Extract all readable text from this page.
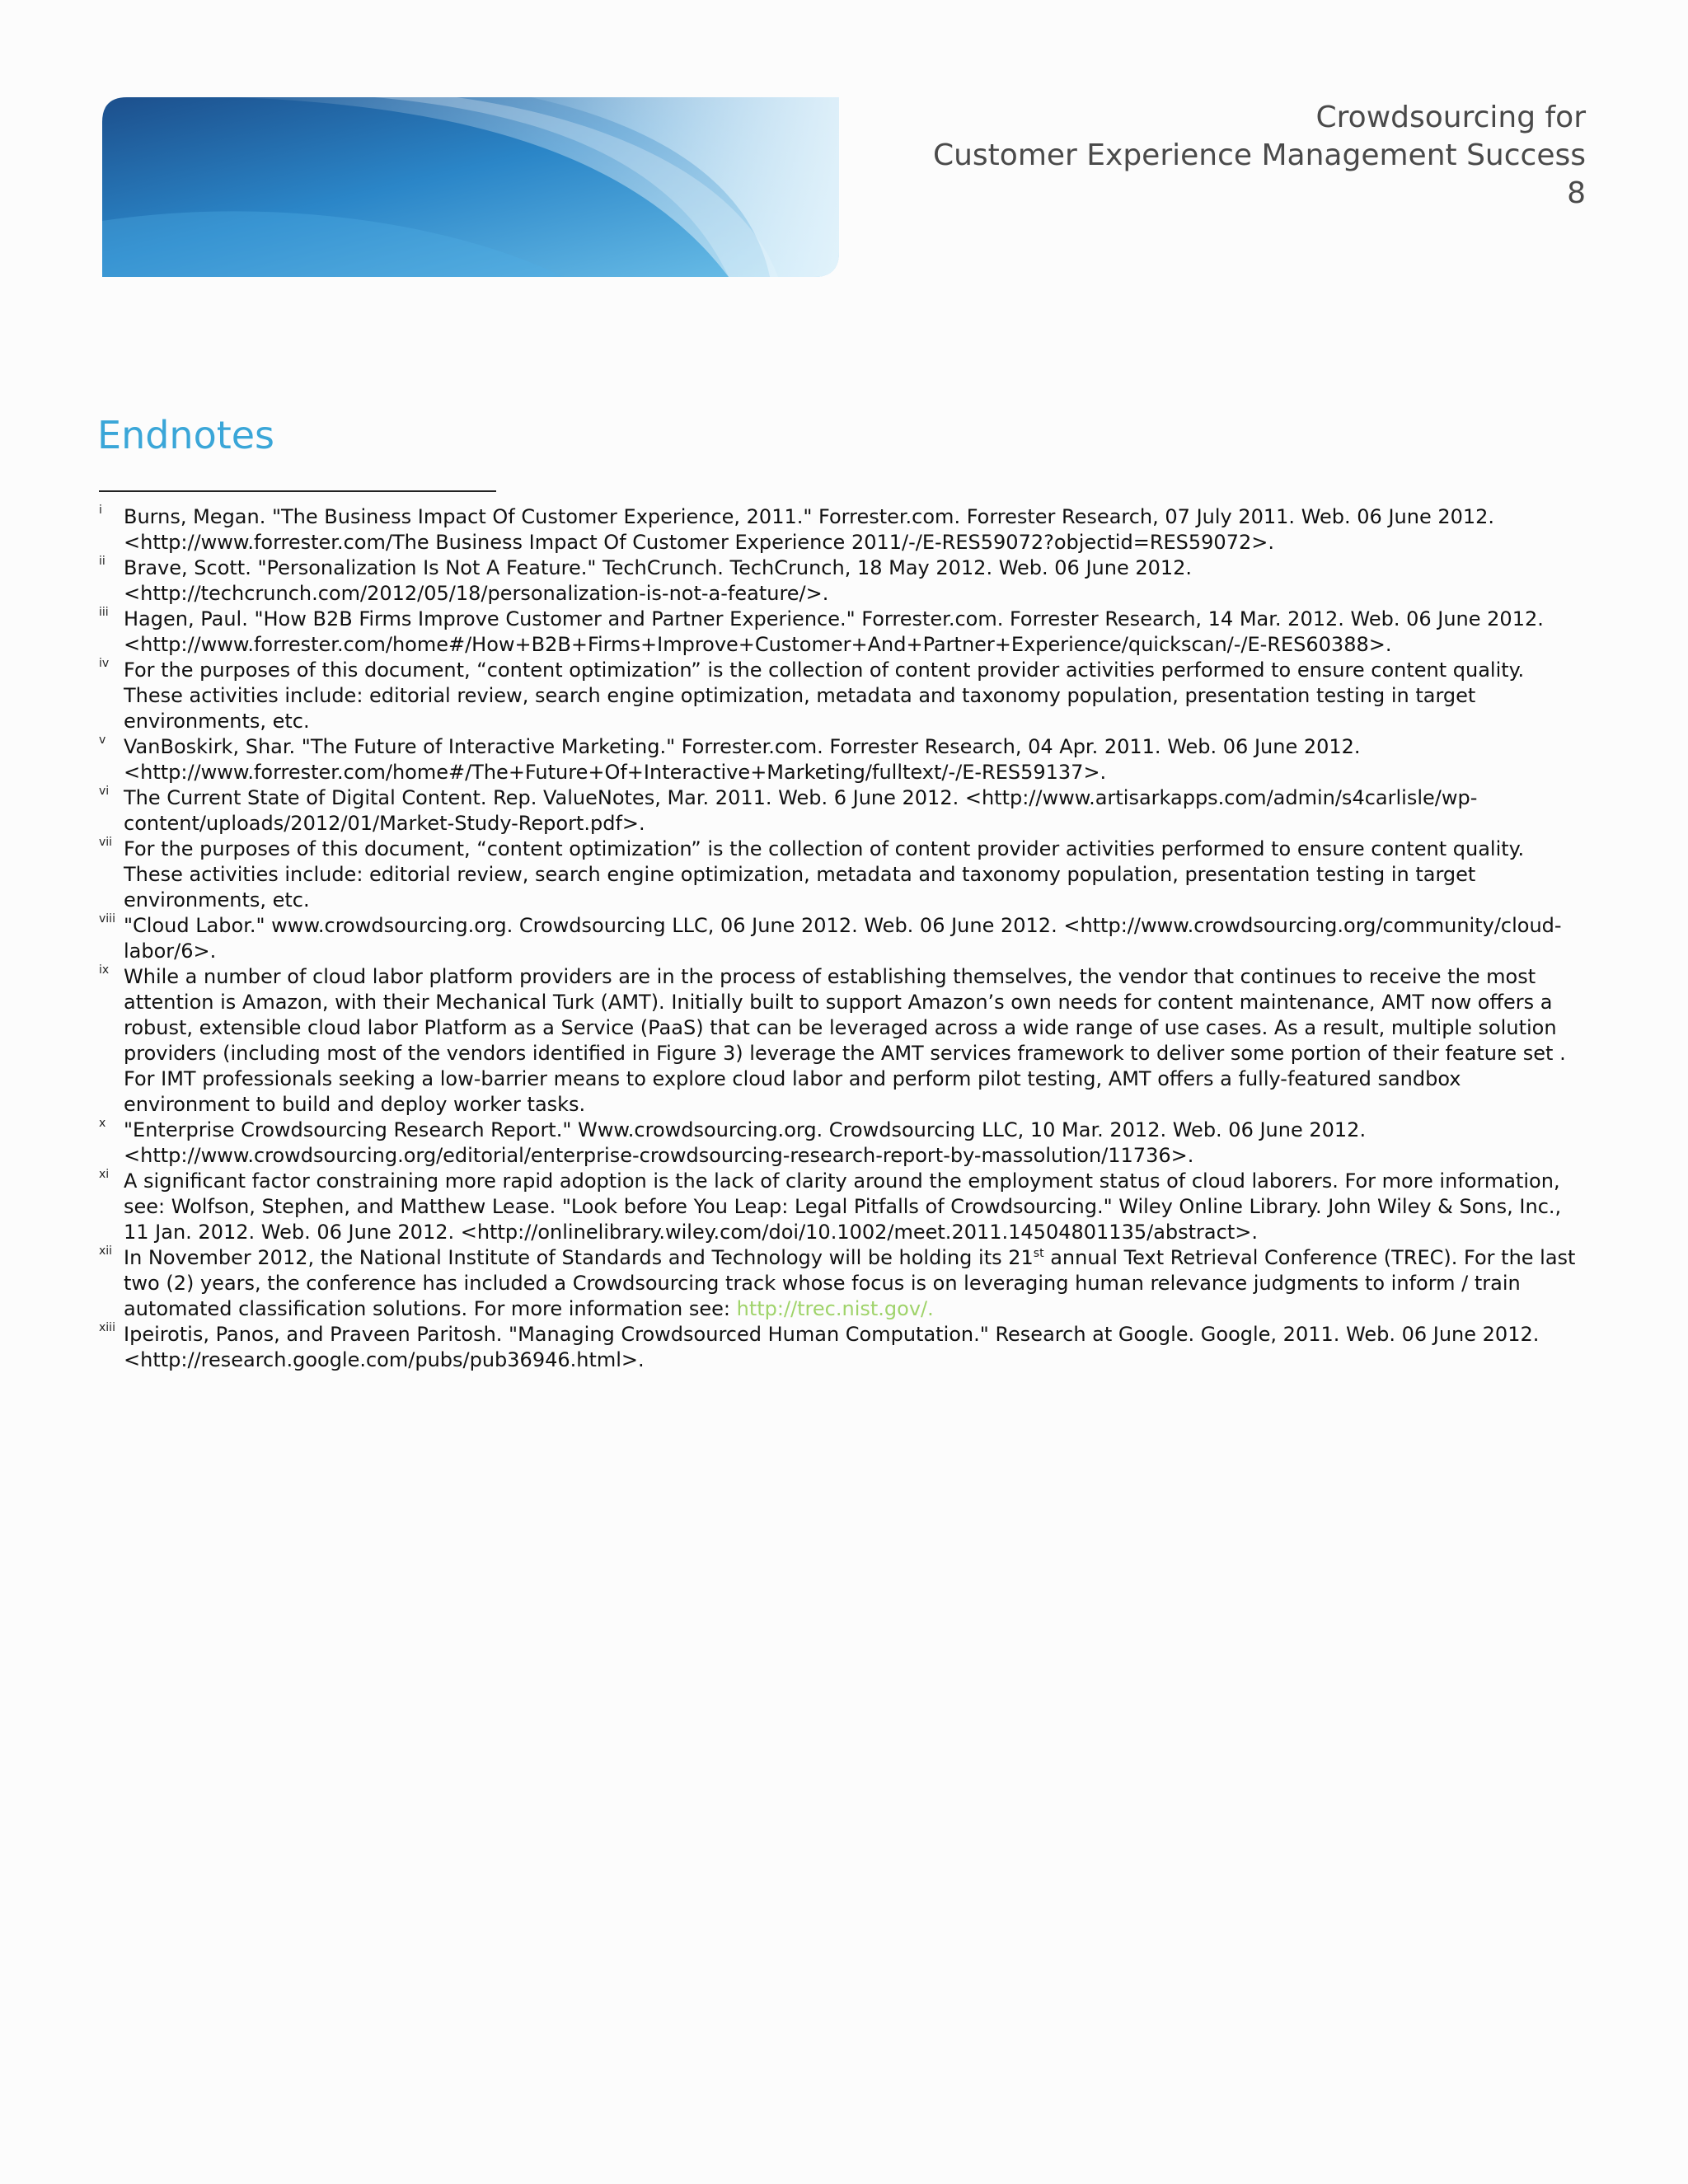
Crowdsourcing for
Customer Experience Management Success
8
Endnotes
i Burns, Megan. "The Business Impact Of Customer Experience, 2011." Forrester.com. Forrester Research, 07 July 2011. Web. 06 June 2012. <http://www.forrester.com/The Business Impact Of Customer Experience 2011/-/E-RES59072?objectid=RES59072>.
ii Brave, Scott. "Personalization Is Not A Feature." TechCrunch. TechCrunch, 18 May 2012. Web. 06 June 2012. <http://techcrunch.com/2012/05/18/personalization-is-not-a-feature/>.
iii Hagen, Paul. "How B2B Firms Improve Customer and Partner Experience." Forrester.com. Forrester Research, 14 Mar. 2012. Web. 06 June 2012. <http://www.forrester.com/home#/How+B2B+Firms+Improve+Customer+And+Partner+Experience/quickscan/-/E-RES60388>.
iv For the purposes of this document, “content optimization” is the collection of content provider activities performed to ensure content quality. These activities include: editorial review, search engine optimization, metadata and taxonomy population, presentation testing in target environments, etc.
v VanBoskirk, Shar. "The Future of Interactive Marketing." Forrester.com. Forrester Research, 04 Apr. 2011. Web. 06 June 2012. <http://www.forrester.com/home#/The+Future+Of+Interactive+Marketing/fulltext/-/E-RES59137>.
vi The Current State of Digital Content. Rep. ValueNotes, Mar. 2011. Web. 6 June 2012. <http://www.artisarkapps.com/admin/s4carlisle/wp-content/uploads/2012/01/Market-Study-Report.pdf>.
vii For the purposes of this document, “content optimization” is the collection of content provider activities performed to ensure content quality. These activities include: editorial review, search engine optimization, metadata and taxonomy population, presentation testing in target environments, etc.
viii "Cloud Labor." www.crowdsourcing.org. Crowdsourcing LLC, 06 June 2012. Web. 06 June 2012. <http://www.crowdsourcing.org/community/cloud-labor/6>.
ix While a number of cloud labor platform providers are in the process of establishing themselves, the vendor that continues to receive the most attention is Amazon, with their Mechanical Turk (AMT). Initially built to support Amazon’s own needs for content maintenance, AMT now offers a robust, extensible cloud labor Platform as a Service (PaaS) that can be leveraged across a wide range of use cases. As a result, multiple solution providers (including most of the vendors identified in Figure 3) leverage the AMT services framework to deliver some portion of their feature set . For IMT professionals seeking a low-barrier means to explore cloud labor and perform pilot testing, AMT offers a fully-featured sandbox environment to build and deploy worker tasks.
x "Enterprise Crowdsourcing Research Report." Www.crowdsourcing.org. Crowdsourcing LLC, 10 Mar. 2012. Web. 06 June 2012. <http://www.crowdsourcing.org/editorial/enterprise-crowdsourcing-research-report-by-massolution/11736>.
xi A significant factor constraining more rapid adoption is the lack of clarity around the employment status of cloud laborers. For more information, see: Wolfson, Stephen, and Matthew Lease. "Look before You Leap: Legal Pitfalls of Crowdsourcing." Wiley Online Library. John Wiley & Sons, Inc., 11 Jan. 2012. Web. 06 June 2012. <http://onlinelibrary.wiley.com/doi/10.1002/meet.2011.14504801135/abstract>.
xii In November 2012, the National Institute of Standards and Technology will be holding its 21st annual Text Retrieval Conference (TREC). For the last two (2) years, the conference has included a Crowdsourcing track whose focus is on leveraging human relevance judgments to inform / train automated classification solutions. For more information see: http://trec.nist.gov/.
xiii Ipeirotis, Panos, and Praveen Paritosh. "Managing Crowdsourced Human Computation." Research at Google. Google, 2011. Web. 06 June 2012. <http://research.google.com/pubs/pub36946.html>.
